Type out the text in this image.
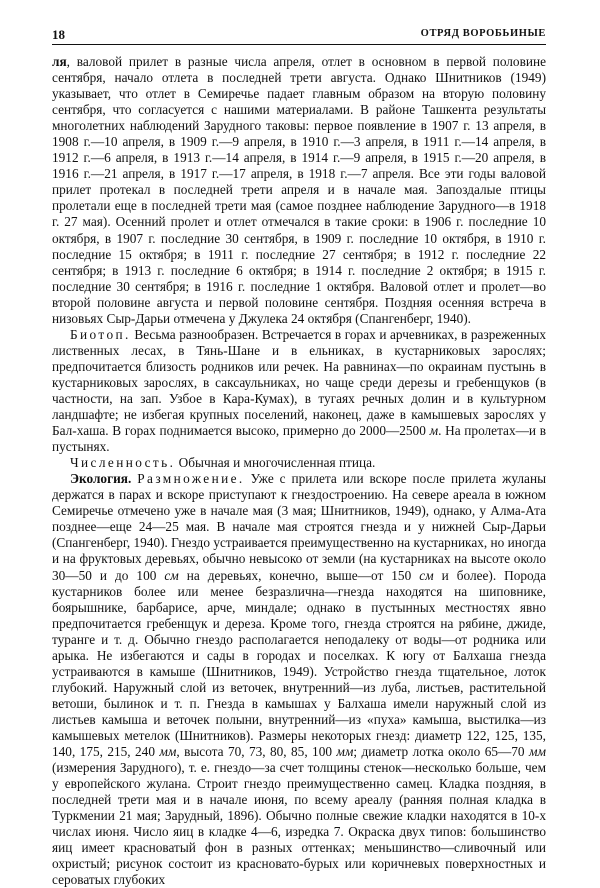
18	ОТРЯД ВОРОБЬИНЫЕ

ля, валовой прилет в разные числа апреля, отлет в основном в первой половине сентября, начало отлета в последней трети августа. Однако Шнитников (1949) указывает, что отлет в Семиречье падает главным образом на вторую половину сентября, что согласуется с нашими материалами. В районе Ташкента результаты многолетних наблюдений Зарудного таковы: первое появление в 1907 г. 13 апреля, в 1908 г.—10 апреля, в 1909 г.—9 апреля, в 1910 г.—3 апреля, в 1911 г.—14 апреля, в 1912 г.—6 апреля, в 1913 г.—14 апреля, в 1914 г.—9 апреля, в 1915 г.—20 апреля, в 1916 г.—21 апреля, в 1917 г.—17 апреля, в 1918 г.—7 апреля. Все эти годы валовой прилет протекал в последней трети апреля и в начале мая. Запоздалые птицы пролетали еще в последней трети мая (самое позднее наблюдение Зарудного—в 1918 г. 27 мая). Осенний пролет и отлет отмечался в такие сроки: в 1906 г. последние 10 октября, в 1907 г. последние 30 сентября, в 1909 г. последние 10 октября, в 1910 г. последние 15 октября; в 1911 г. последние 27 сентября; в 1912 г. последние 22 сентября; в 1913 г. последние 6 октября; в 1914 г. последние 2 октября; в 1915 г. последние 30 сентября; в 1916 г. последние 1 октября. Валовой отлет и пролет—во второй половине августа и первой половине сентября. Поздняя осенняя встреча в низовьях Сыр-Дарьи отмечена у Джулека 24 октября (Спангенберг, 1940).

Биотоп. Весьма разнообразен. Встречается в горах и арчевниках, в разреженных лиственных лесах, в Тянь-Шане и в ельниках, в кустарниковых зарослях; предпочитается близость родников или речек. На равнинах—по окраинам пустынь в кустарниковых зарослях, в саксаульниках, но чаще среди дерезы и гребенщуков (в частности, на зап. Узбое в Кара-Кумах), в тугаях речных долин и в культурном ландшафте; не избегая крупных поселений, наконец, даже в камышевых зарослях у Бал-хаша. В горах поднимается высоко, примерно до 2000—2500 м. На пролетах—и в пустынях.

Численность. Обычная и многочисленная птица.

Экология. Размножение. Уже с прилета или вскоре после прилета жуланы держатся в парах и вскоре приступают к гнездостроению. На севере ареала в южном Семиречье отмечено уже в начале мая (3 мая; Шнитников, 1949), однако, у Алма-Ата позднее—еще 24—25 мая. В начале мая строятся гнезда и у нижней Сыр-Дарьи (Спангенберг, 1940). Гнездо устраивается преимущественно на кустарниках, но иногда и на фруктовых деревьях, обычно невысоко от земли (на кустарниках на высоте около 30—50 и до 100 см на деревьях, конечно, выше—от 150 см и более). Порода кустарников более или менее безразлична—гнезда находятся на шиповнике, боярышнике, барбарисе, арче, миндале; однако в пустынных местностях явно предпочитается гребенщук и дереза. Кроме того, гнезда строятся на рябине, джиде, туранге и т. д. Обычно гнездо располагается неподалеку от воды—от родника или арыка. Не избегаются и сады в городах и поселках. К югу от Балхаша гнезда устраиваются в камыше (Шнитников, 1949). Устройство гнезда тщательное, лоток глубокий. Наружный слой из веточек, внутренний—из луба, листьев, растительной ветоши, былинок и т. п. Гнезда в камышах у Балхаша имели наружный слой из листьев камыша и веточек полыни, внутренний—из «пуха» камыша, выстилка—из камышевых метелок (Шнитников). Размеры некоторых гнезд: диаметр 122, 125, 135, 140, 175, 215, 240 мм, высота 70, 73, 80, 85, 100 мм; диаметр лотка около 65—70 мм (измерения Зарудного), т. е. гнездо—за счет толщины стенок—несколько больше, чем у европейского жулана. Строит гнездо преимущественно самец. Кладка поздняя, в последней трети мая и в начале июня, по всему ареалу (ранняя полная кладка в Туркмении 21 мая; Зарудный, 1896). Обычно полные свежие кладки находятся в 10-х числах июня. Число яиц в кладке 4—6, изредка 7. Окраска двух типов: большинство яиц имеет красноватый фон в разных оттенках; меньшинство—сливочный или охристый; рисунок состоит из красновато-бурых или коричневых поверхностных и сероватых глубоких
